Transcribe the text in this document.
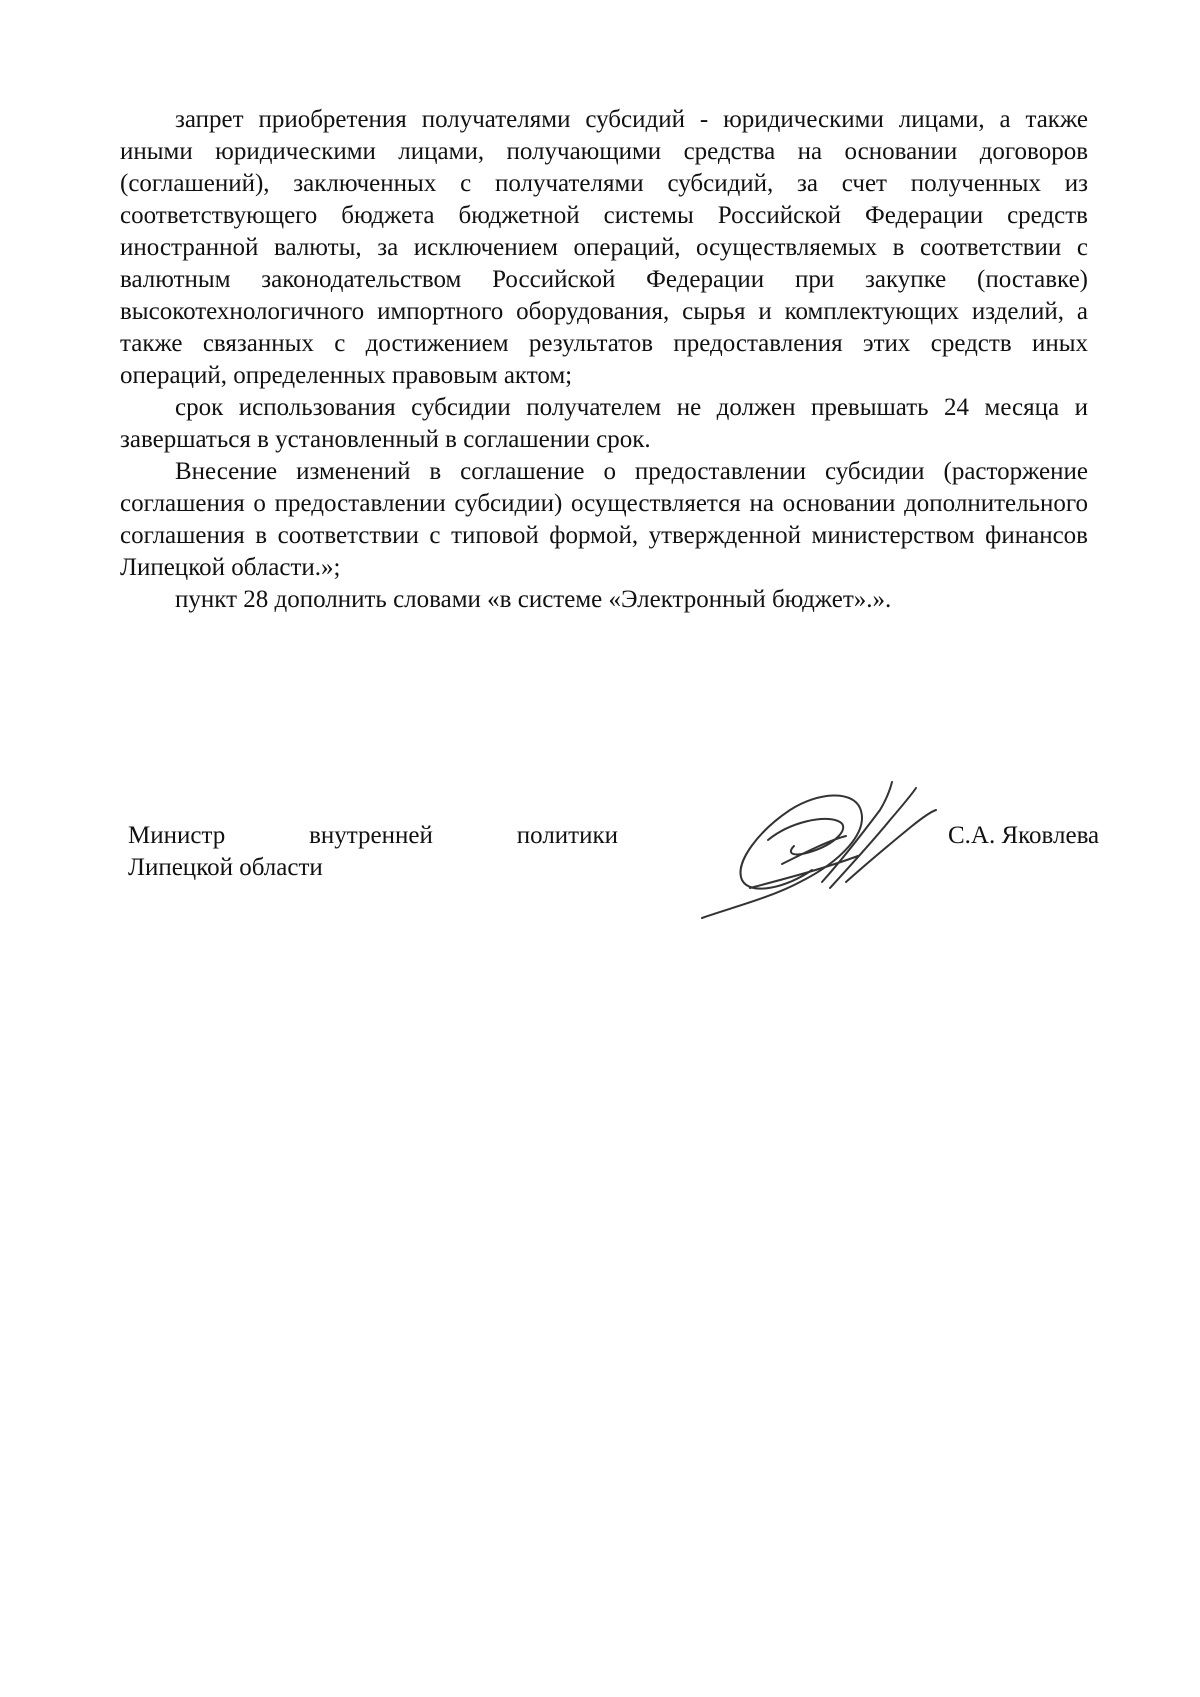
запрет приобретения получателями субсидий - юридическими лицами, а также иными юридическими лицами, получающими средства на основании договоров (соглашений), заключенных с получателями субсидий, за счет полученных из соответствующего бюджета бюджетной системы Российской Федерации средств иностранной валюты, за исключением операций, осуществляемых в соответствии с валютным законодательством Российской Федерации при закупке (поставке) высокотехнологичного импортного оборудования, сырья и комплектующих изделий, а также связанных с достижением результатов предоставления этих средств иных операций, определенных правовым актом;

срок использования субсидии получателем не должен превышать 24 месяца и завершаться в установленный в соглашении срок.

Внесение изменений в соглашение о предоставлении субсидии (расторжение соглашения о предоставлении субсидии) осуществляется на основании дополнительного соглашения в соответствии с типовой формой, утвержденной министерством финансов Липецкой области.»;

пункт 28 дополнить словами «в системе «Электронный бюджет».».

Министр внутренней политики
Липецкой области
С.А. Яковлева
